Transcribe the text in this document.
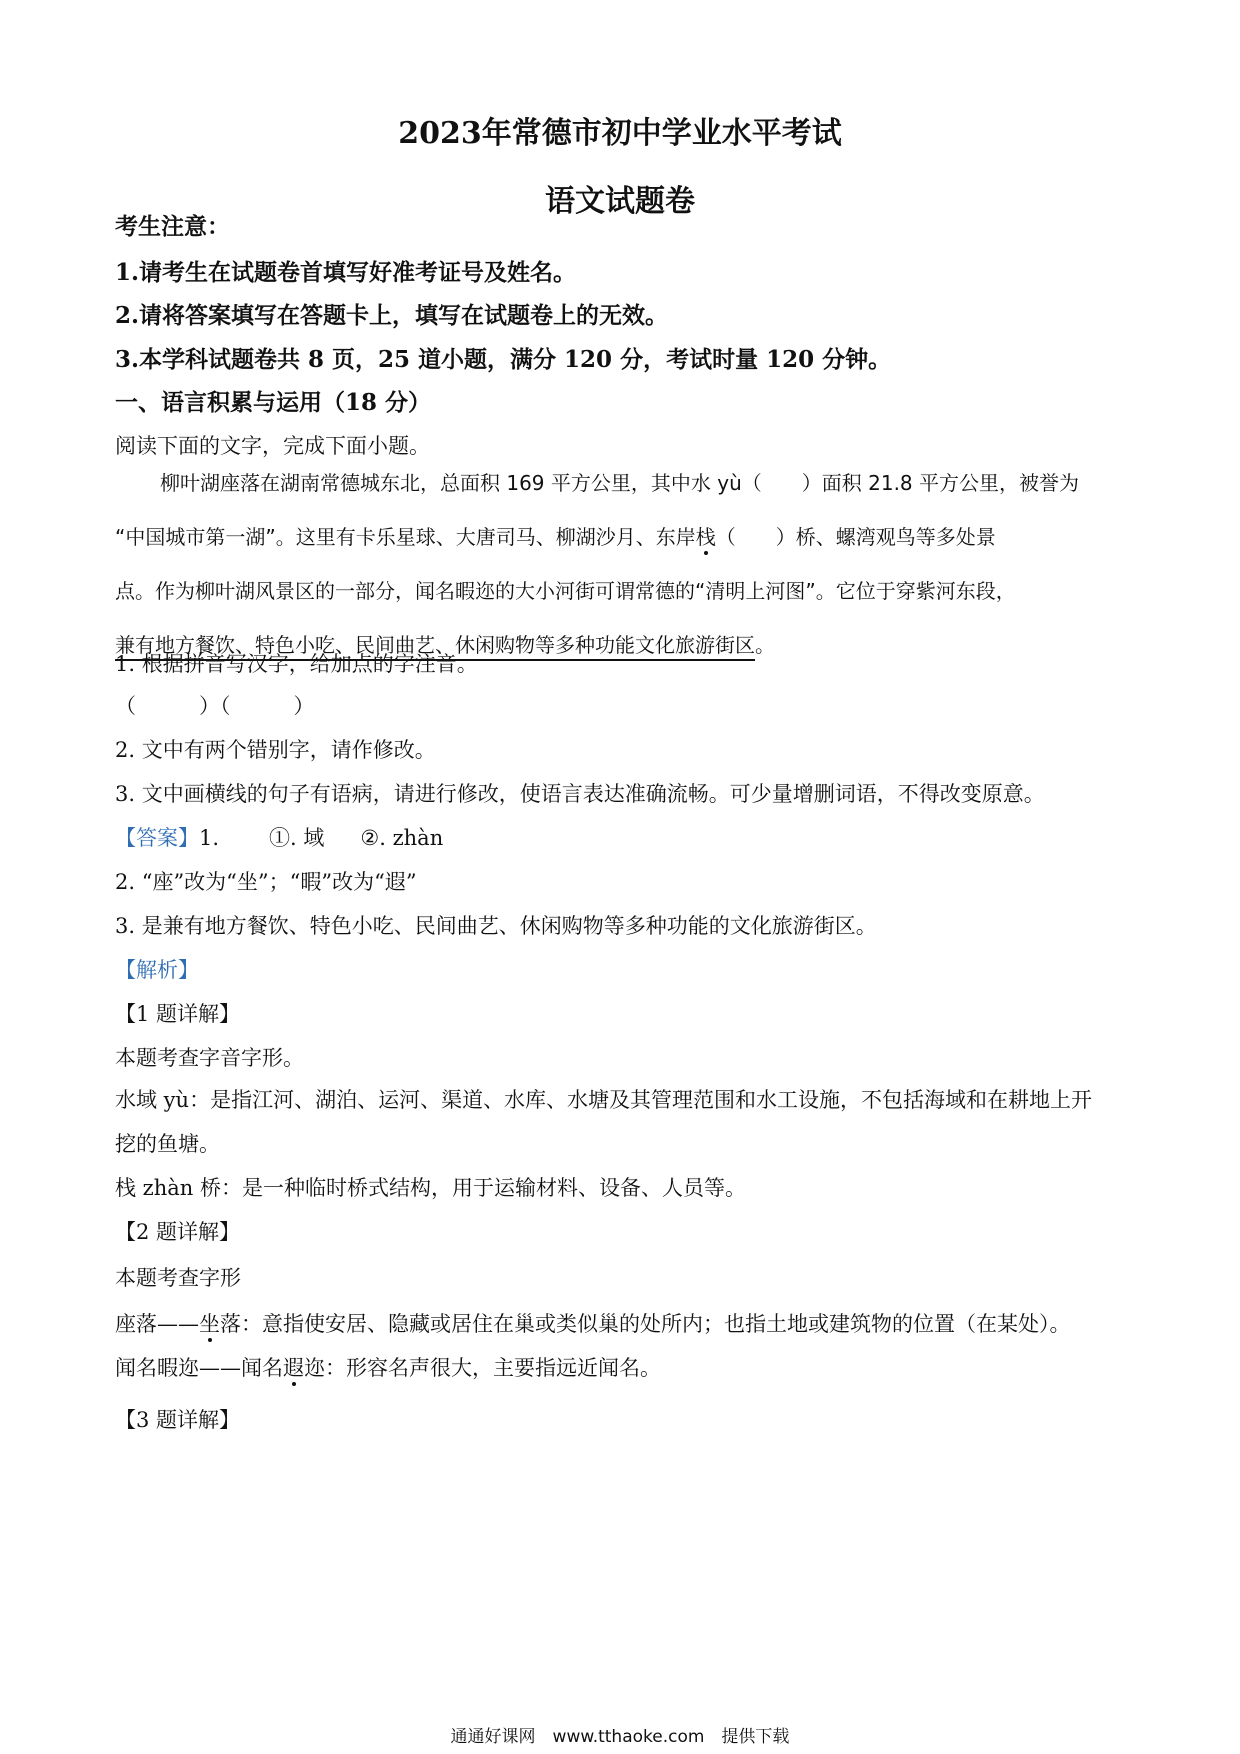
2023年常德市初中学业水平考试
语文试题卷
考生注意：
1.请考生在试题卷首填写好准考证号及姓名。
2.请将答案填写在答题卡上，填写在试题卷上的无效。
3.本学科试题卷共 8 页，25 道小题，满分 120 分，考试时量 120 分钟。
一、语言积累与运用（18 分）
阅读下面的文字，完成下面小题。
柳叶湖座落在湖南常德城东北，总面积 169 平方公里，其中水 yù（　　）面积 21.8 平方公里，被誉为
“中国城市第一湖”。这里有卡乐星球、大唐司马、柳湖沙月、东岸栈（　　）桥、螺湾观鸟等多处景
点。作为柳叶湖风景区的一部分，闻名暇迩的大小河街可谓常德的“清明上河图”。它位于穿紫河东段，
兼有地方餐饮、特色小吃、民间曲艺、休闲购物等多种功能文化旅游街区。
1. 根据拼音写汉字，给加点的字注音。
（　　　）（　　　）
2. 文中有两个错别字，请作修改。
3. 文中画横线的句子有语病，请进行修改，使语言表达准确流畅。可少量增删词语，不得改变原意。
【答案】1. ①. 域 ②. zhàn
2. “座”改为“坐”；“暇”改为“遐”
3. 是兼有地方餐饮、特色小吃、民间曲艺、休闲购物等多种功能的文化旅游街区。
【解析】
【1 题详解】
本题考查字音字形。
水域 yù：是指江河、湖泊、运河、渠道、水库、水塘及其管理范围和水工设施，不包括海域和在耕地上开
挖的鱼塘。
栈 zhàn 桥：是一种临时桥式结构，用于运输材料、设备、人员等。
【2 题详解】
本题考查字形
座落——坐落：意指使安居、隐藏或居住在巢或类似巢的处所内；也指土地或建筑物的位置（在某处）。
闻名暇迩——闻名遐迩：形容名声很大，主要指远近闻名。
【3 题详解】
通通好课网　www.tthaoke.com　提供下载
